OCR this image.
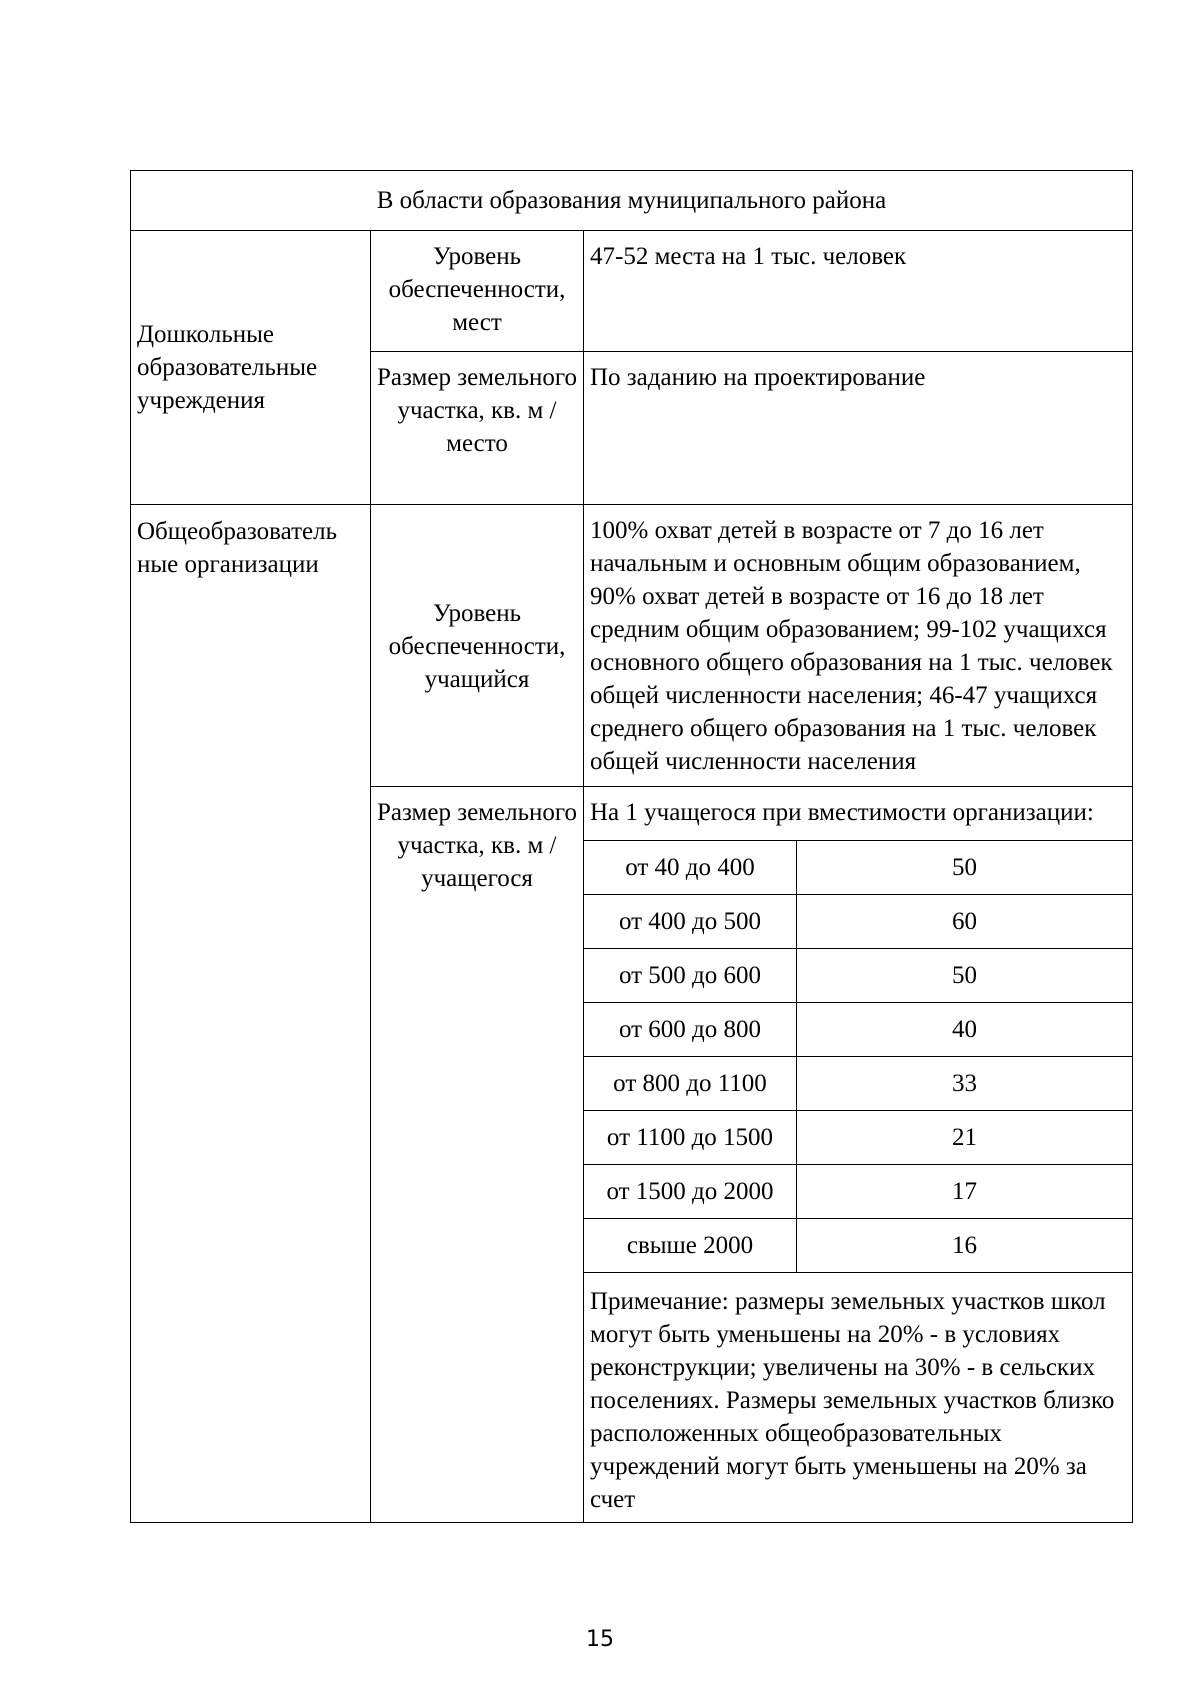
В области образования муниципального района			
Дошкольные образовательные учреждения	Уровень обеспеченности, мест	47-52 места на 1 тыс. человек	
	Размер земельного участка, кв. м / место	По заданию на проектирование	
Общеобразователь ные организации	Уровень обеспеченности, учащийся	100% охват детей в возрасте от 7 до 16 лет начальным и основным общим образованием, 90% охват детей в возрасте от 16 до 18 лет средним общим образованием; 99-102 учащихся основного общего образования на 1 тыс. человек общей численности населения; 46-47 учащихся среднего общего образования на 1 тыс. человек общей численности населения	
	Размер земельного участка, кв. м / учащегося	На 1 учащегося при вместимости организации:	
		от 40 до 400	50
		от 400 до 500	60
		от 500 до 600	50
		от 600 до 800	40
		от 800 до 1100	33
		от 1100 до 1500	21
		от 1500 до 2000	17
		свыше 2000	16
		Примечание: размеры земельных участков школ могут быть уменьшены на 20% - в условиях реконструкции; увеличены на 30% - в сельских поселениях. Размеры земельных участков близко расположенных общеобразовательных учреждений могут быть уменьшены на 20% за счет	
15
